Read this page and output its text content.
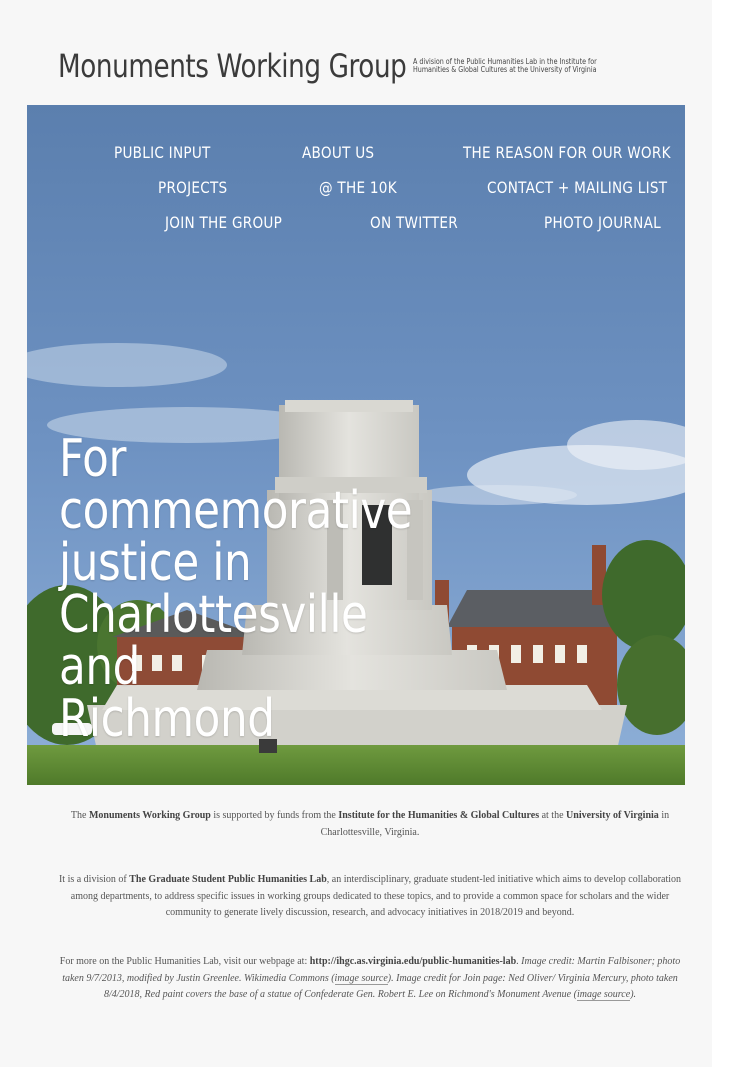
Monuments Working Group A division of the Public Humanities Lab in the Institute for Humanities & Global Cultures at the University of Virginia
PUBLIC INPUT	ABOUT US	THE REASON FOR OUR WORK
PROJECTS	@ THE 10K	CONTACT + MAILING LIST
JOIN THE GROUP	ON TWITTER	PHOTO JOURNAL
For commemorative
justice in
Charlottesville and
Richmond

The Monuments Working Group is supported by funds from the Institute for the Humanities & Global Cultures at the University of Virginia in Charlottesville, Virginia.

It is a division of The Graduate Student Public Humanities Lab, an interdisciplinary, graduate student-led initiative which aims to develop collaboration among departments, to address specific issues in working groups dedicated to these topics, and to provide a common space for scholars and the wider community to generate lively discussion, research, and advocacy initiatives in 2018/2019 and beyond.

For more on the Public Humanities Lab, visit our webpage at: http://ihgc.as.virginia.edu/public-humanities-lab. Image credit: Martin Falbisoner; photo taken 9/7/2013, modified by Justin Greenlee. Wikimedia Commons (image source). Image credit for Join page: Ned Oliver/ Virginia Mercury, photo taken 8/4/2018, Red paint covers the base of a statue of Confederate Gen. Robert E. Lee on Richmond's Monument Avenue (image source).
